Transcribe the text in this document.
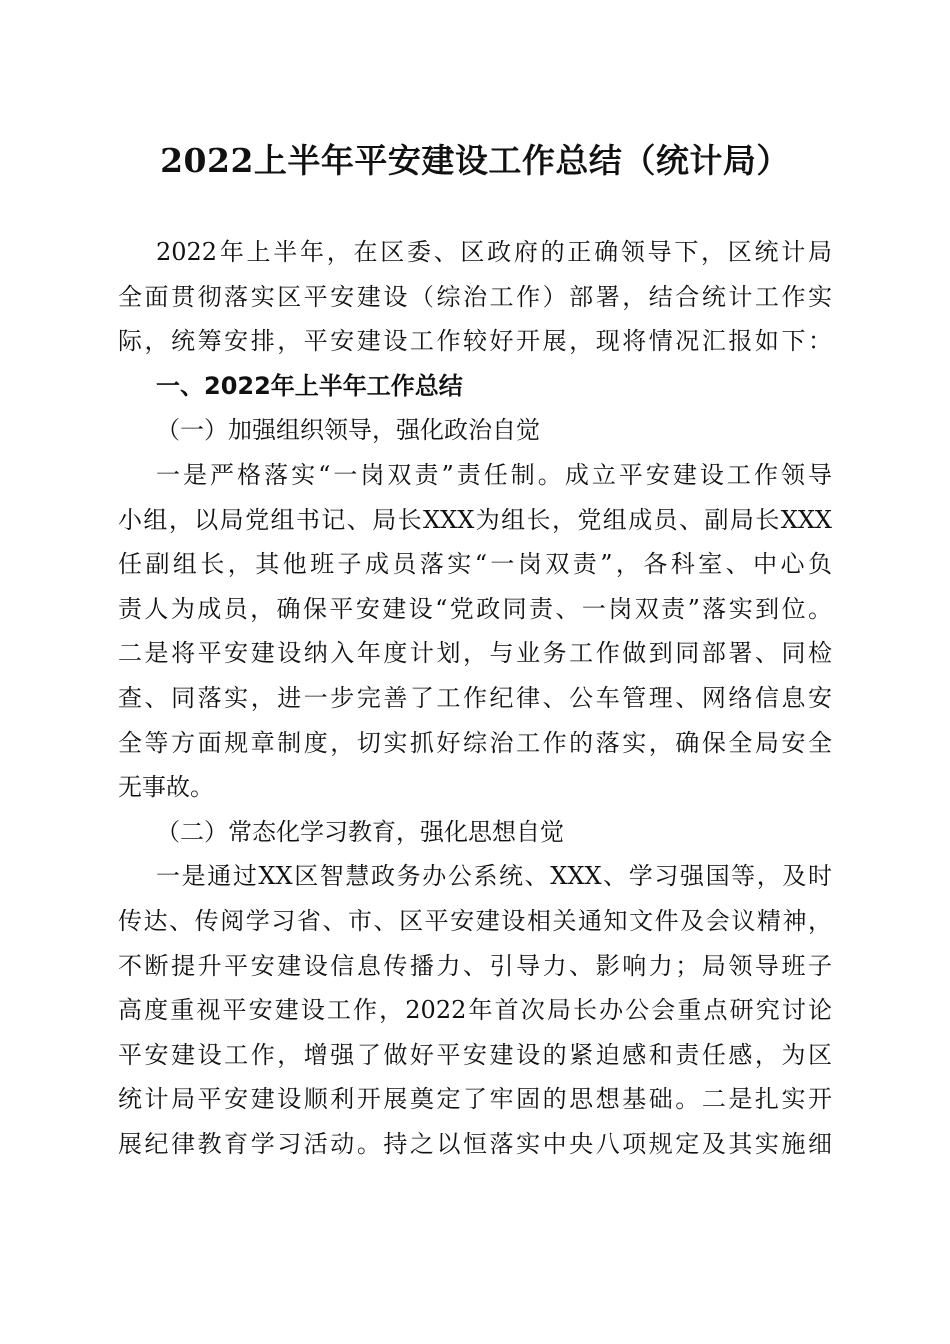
2022上半年平安建设工作总结（统计局）
2022年上半年，在区委、区政府的正确领导下，区统计局
全面贯彻落实区平安建设（综治工作）部署，结合统计工作实
际，统筹安排，平安建设工作较好开展，现将情况汇报如下：
一、2022年上半年工作总结
（一）加强组织领导，强化政治自觉
一是严格落实“一岗双责”责任制。成立平安建设工作领导
小组，以局党组书记、局长XXX为组长，党组成员、副局长XXX
任副组长，其他班子成员落实“一岗双责”，各科室、中心负
责人为成员，确保平安建设“党政同责、一岗双责”落实到位。
二是将平安建设纳入年度计划，与业务工作做到同部署、同检
查、同落实，进一步完善了工作纪律、公车管理、网络信息安
全等方面规章制度，切实抓好综治工作的落实，确保全局安全
无事故。
（二）常态化学习教育，强化思想自觉
一是通过XX区智慧政务办公系统、XXX、学习强国等，及时
传达、传阅学习省、市、区平安建设相关通知文件及会议精神，
不断提升平安建设信息传播力、引导力、影响力；局领导班子
高度重视平安建设工作，2022年首次局长办公会重点研究讨论
平安建设工作，增强了做好平安建设的紧迫感和责任感，为区
统计局平安建设顺利开展奠定了牢固的思想基础。二是扎实开
展纪律教育学习活动。持之以恒落实中央八项规定及其实施细
